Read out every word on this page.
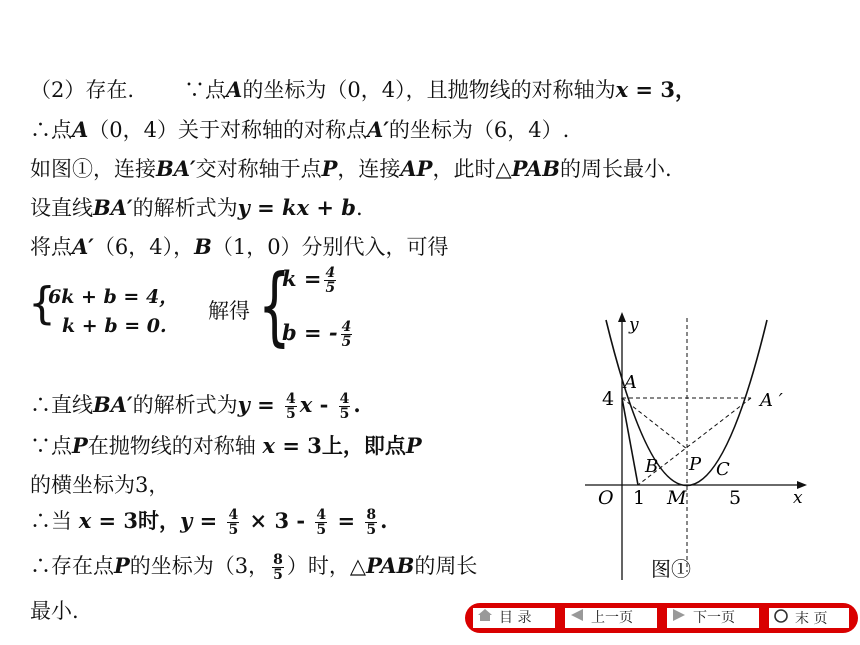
（2）存在. ∵点A的坐标为（0，4），且抛物线的对称轴为x = 3，
∴点A（0，4）关于对称轴的对称点A′的坐标为（6，4）.
如图①，连接BA′交对称轴于点P，连接AP，此时△PAB的周长最小.
设直线BA′的解析式为y = kx + b.
将点A′（6，4），B（1，0）分别代入，可得
{
6k + b = 4，
k + b = 0.
解得 {
$k = \frac{4}{5}$
b = - $\frac{4}{5}$
∴直线BA′的解析式为$y = \frac{4}{5}$ x - $\frac{4}{5}$ .
∵点P在抛物线的对称轴 x = 3上，即点P
的横坐标为3，
∴当 x = 3时，$y = \frac{4}{5} \times 3 - \frac{4}{5} = \frac{8}{5}$ .
∴存在点P的坐标为（3， $\frac{8}{5}$ ）时，△PAB的周长
最小.
y
x
A
A ′
4
B P C
O 1 M 5
图①
目 录	上一页	下一页	末 页
